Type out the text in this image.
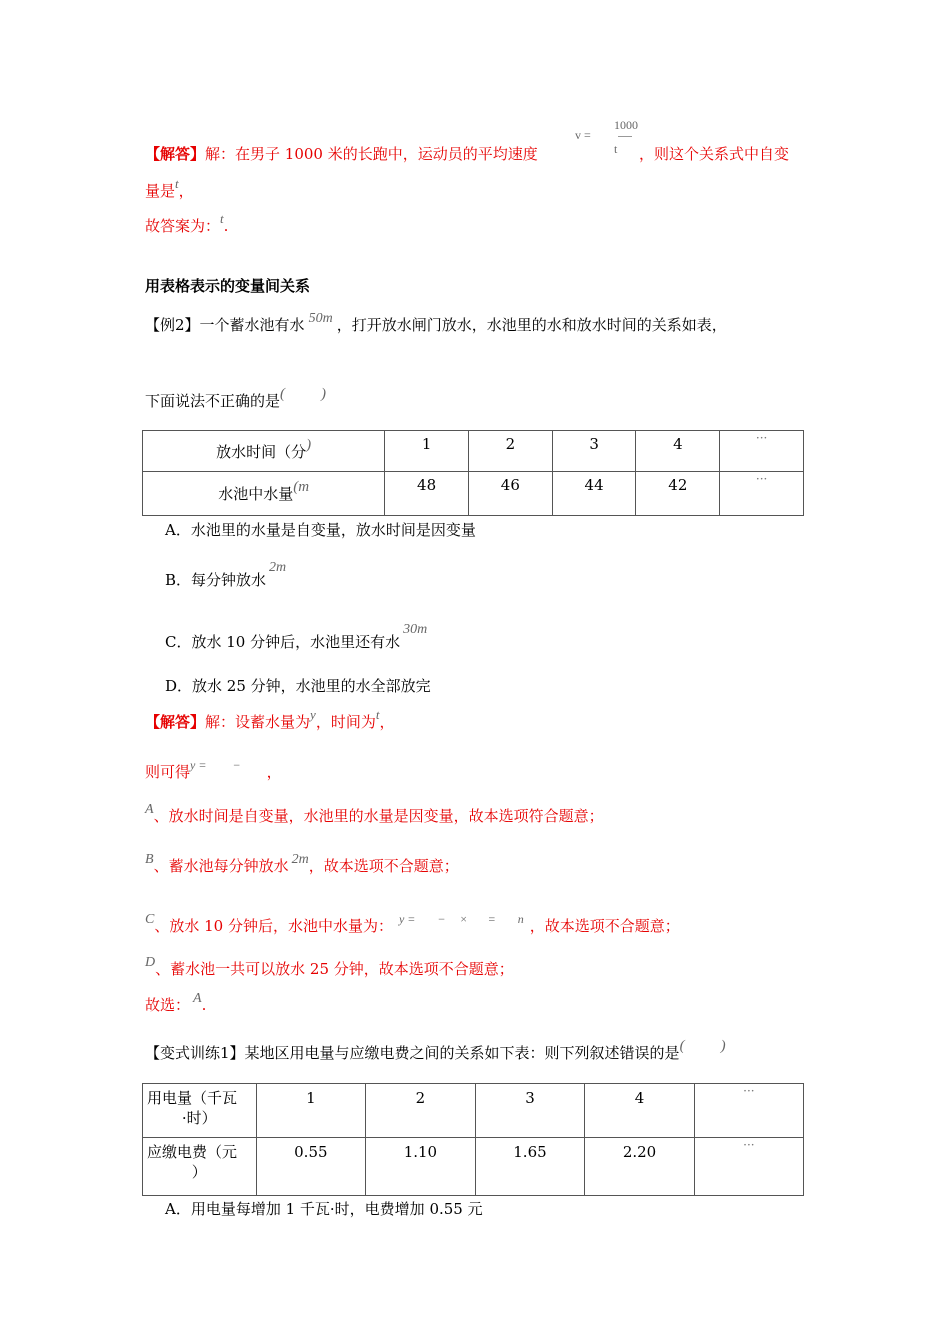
【解答】解：在男子 1000 米的长跑中，运动员的平均速度
v =
1000
t ，则这个关系式中自变
量是t，
故答案为：t.
用表格表示的变量间关系
【例2】一个蓄水池有水 50m ，打开放水闸门放水，水池里的水和放水时间的关系如表，
下面说法不正确的是( )
放水时间（分)	1	2	3	4	···
水池中水量(m	48	46	44	42	···
A．水池里的水量是自变量，放水时间是因变量
B．每分钟放水2m
C．放水 10 分钟后，水池里还有水30m
D．放水 25 分钟，水池里的水全部放完
【解答】解：设蓄水量为y，时间为t，
则可得$^{y =}$ − ，
A、放水时间是自变量，水池里的水量是因变量，故本选项符合题意；
B、蓄水池每分钟放水 2m，故本选项不合题意；
C、放水 10 分钟后，水池中水量为： $^{y =}$ − × = $^n$ ，故本选项不合题意；
D、蓄水池一共可以放水 25 分钟，故本选项不合题意；
故选： A.
【变式训练1】某地区用电量与应缴电费之间的关系如下表：则下列叙述错误的是( )
用电量（千瓦
·时）	1	2	3	4	···

应缴电费（元
）	0.55	1.10	1.65	2.20	···
A．用电量每增加 1 千瓦·时，电费增加 0.55 元
